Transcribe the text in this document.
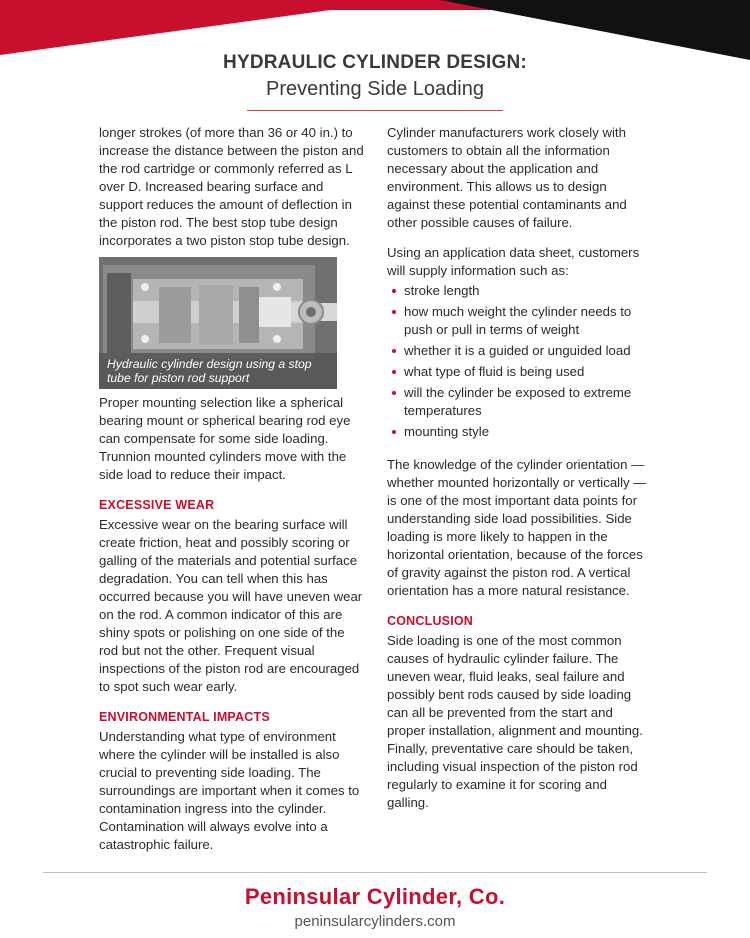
HYDRAULIC CYLINDER DESIGN:
Preventing Side Loading

longer strokes (of more than 36 or 40 in.) to increase the distance between the piston and the rod cartridge or commonly referred as L over D. Increased bearing surface and support reduces the amount of deflection in the piston rod. The best stop tube design incorporates a two piston stop tube design.

Hydraulic cylinder design using a stop tube for piston rod support

Proper mounting selection like a spherical bearing mount or spherical bearing rod eye can compensate for some side loading. Trunnion mounted cylinders move with the side load to reduce their impact.

EXCESSIVE WEAR

Excessive wear on the bearing surface will create friction, heat and possibly scoring or galling of the materials and potential surface degradation. You can tell when this has occurred because you will have uneven wear on the rod. A common indicator of this are shiny spots or polishing on one side of the rod but not the other. Frequent visual inspections of the piston rod are encouraged to spot such wear early.

ENVIRONMENTAL IMPACTS

Understanding what type of environment where the cylinder will be installed is also crucial to preventing side loading. The surroundings are important when it comes to contamination ingress into the cylinder. Contamination will always evolve into a catastrophic failure.

Cylinder manufacturers work closely with customers to obtain all the information necessary about the application and environment. This allows us to design against these potential contaminants and other possible causes of failure.

Using an application data sheet, customers will supply information such as:

stroke length
how much weight the cylinder needs to push or pull in terms of weight
whether it is a guided or unguided load
what type of fluid is being used
will the cylinder be exposed to extreme temperatures
mounting style

The knowledge of the cylinder orientation — whether mounted horizontally or vertically — is one of the most important data points for understanding side load possibilities. Side loading is more likely to happen in the horizontal orientation, because of the forces of gravity against the piston rod. A vertical orientation has a more natural resistance.

CONCLUSION

Side loading is one of the most common causes of hydraulic cylinder failure. The uneven wear, fluid leaks, seal failure and possibly bent rods caused by side loading can all be prevented from the start and proper installation, alignment and mounting. Finally, preventative care should be taken, including visual inspection of the piston rod regularly to examine it for scoring and galling.

Peninsular Cylinder, Co.
peninsularcylinders.com
